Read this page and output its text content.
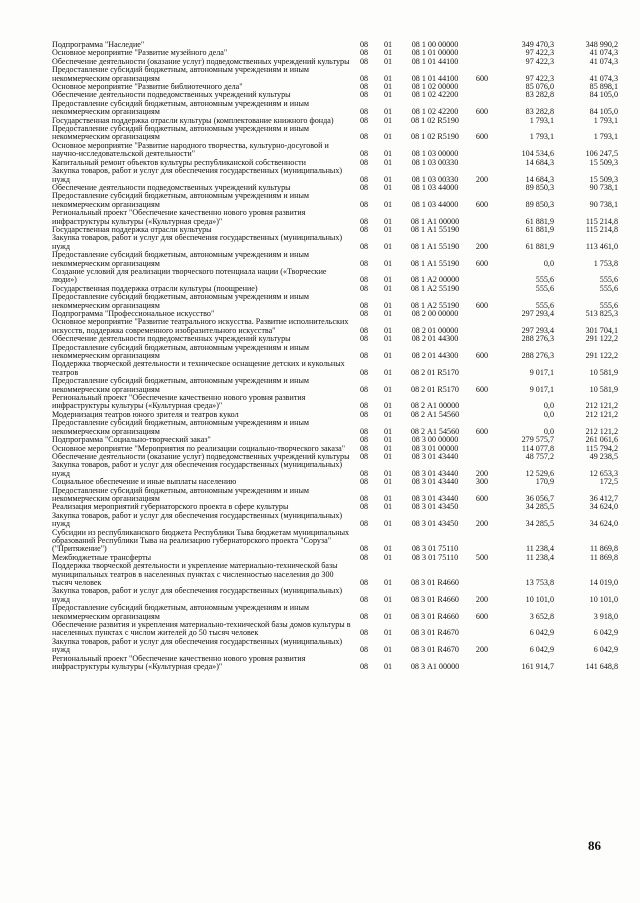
Подпрограмма "Наследие"	08	01	08 1 00 00000		349 470,3	348 990,2
Основное мероприятие "Развитие музейного дела"	08	01	08 1 01 00000		97 422,3	41 074,3
Обеспечение деятельности (оказание услуг) подведомственных учреждений культуры	08	01	08 1 01 44100		97 422,3	41 074,3
Предоставление субсидий бюджетным, автономным учреждениям и иным некоммерческим организациям	08	01	08 1 01 44100	600	97 422,3	41 074,3
Основное мероприятие "Развитие библиотечного дела"	08	01	08 1 02 00000		85 076,0	85 898,1
Обеспечение деятельности подведомственных учреждений культуры	08	01	08 1 02 42200		83 282,8	84 105,0
Предоставление субсидий бюджетным, автономным учреждениям и иным некоммерческим организациям	08	01	08 1 02 42200	600	83 282,8	84 105,0
Государственная поддержка отрасли культуры (комплектование книжного фонда)	08	01	08 1 02 R5190		1 793,1	1 793,1
Предоставление субсидий бюджетным, автономным учреждениям и иным некоммерческим организациям	08	01	08 1 02 R5190	600	1 793,1	1 793,1
Основное мероприятие "Развитие народного творчества, культурно-досуговой и научно-исследовательской деятельности"	08	01	08 1 03 00000		104 534,6	106 247,5
Капитальный ремонт объектов культуры республиканской собственности	08	01	08 1 03 00330		14 684,3	15 509,3
Закупка товаров, работ и услуг для обеспечения государственных (муниципальных) нужд	08	01	08 1 03 00330	200	14 684,3	15 509,3
Обеспечение деятельности подведомственных учреждений культуры	08	01	08 1 03 44000		89 850,3	90 738,1
Предоставление субсидий бюджетным, автономным учреждениям и иным некоммерческим организациям	08	01	08 1 03 44000	600	89 850,3	90 738,1
Региональный проект "Обеспечение качественно нового уровня развития инфраструктуры культуры («Культурная среда»)"	08	01	08 1 А1 00000		61 881,9	115 214,8
Государственная поддержка отрасли культуры	08	01	08 1 А1 55190		61 881,9	115 214,8
Закупка товаров, работ и услуг для обеспечения государственных (муниципальных) нужд	08	01	08 1 А1 55190	200	61 881,9	113 461,0
Предоставление субсидий бюджетным, автономным учреждениям и иным некоммерческим организациям	08	01	08 1 А1 55190	600	0,0	1 753,8
Создание условий для реализации творческого потенциала нации («Творческие люди»)	08	01	08 1 А2 00000		555,6	555,6
Государственная поддержка отрасли культуры (поощрение)	08	01	08 1 А2 55190		555,6	555,6
Предоставление субсидий бюджетным, автономным учреждениям и иным некоммерческим организациям	08	01	08 1 А2 55190	600	555,6	555,6
Подпрограмма "Профессиональное искусство"	08	01	08 2 00 00000		297 293,4	513 825,3
Основное мероприятие "Развитие театрального искусства. Развитие исполнительских искусств, поддержка современного изобразительного искусства"	08	01	08 2 01 00000		297 293,4	301 704,1
Обеспечение деятельности подведомственных учреждений культуры	08	01	08 2 01 44300		288 276,3	291 122,2
Предоставление субсидий бюджетным, автономным учреждениям и иным некоммерческим организациям	08	01	08 2 01 44300	600	288 276,3	291 122,2
Поддержка творческой деятельности и техническое оснащение детских и кукольных театров	08	01	08 2 01 R5170		9 017,1	10 581,9
Предоставление субсидий бюджетным, автономным учреждениям и иным некоммерческим организациям	08	01	08 2 01 R5170	600	9 017,1	10 581,9
Региональный проект "Обеспечение качественно нового уровня развития инфраструктуры культуры («Культурная среда»)"	08	01	08 2 А1 00000		0,0	212 121,2
Модернизация театров юного зрителя и театров кукол	08	01	08 2 А1 54560		0,0	212 121,2
Предоставление субсидий бюджетным, автономным учреждениям и иным некоммерческим организациям	08	01	08 2 А1 54560	600	0,0	212 121,2
Подпрограмма "Социально-творческий заказ"	08	01	08 3 00 00000		279 575,7	261 061,6
Основное мероприятие "Мероприятия по реализации социально-творческого заказа"	08	01	08 3 01 00000		114 077,8	115 794,2
Обеспечение деятельности (оказание услуг) подведомственных учреждений культуры	08	01	08 3 01 43440		48 757,2	49 238,5
Закупка товаров, работ и услуг для обеспечения государственных (муниципальных) нужд	08	01	08 3 01 43440	200	12 529,6	12 653,3
Социальное обеспечение и иные выплаты населению	08	01	08 3 01 43440	300	170,9	172,5
Предоставление субсидий бюджетным, автономным учреждениям и иным некоммерческим организациям	08	01	08 3 01 43440	600	36 056,7	36 412,7
Реализация мероприятий губернаторского проекта в сфере культуры	08	01	08 3 01 43450		34 285,5	34 624,0
Закупка товаров, работ и услуг для обеспечения государственных (муниципальных) нужд	08	01	08 3 01 43450	200	34 285,5	34 624,0
Субсидии из республиканского бюджета Республики Тыва бюджетам муниципальных образований Республики Тыва на реализацию губернаторского проекта "Соруза" ("Притяжение")	08	01	08 3 01 75110		11 238,4	11 869,8
Межбюджетные трансферты	08	01	08 3 01 75110	500	11 238,4	11 869,8
Поддержка творческой деятельности и укрепление материально-технической базы муниципальных театров в населенных пунктах с численностью населения до 300 тысяч человек	08	01	08 3 01 R4660		13 753,8	14 019,0
Закупка товаров, работ и услуг для обеспечения государственных (муниципальных) нужд	08	01	08 3 01 R4660	200	10 101,0	10 101,0
Предоставление субсидий бюджетным, автономным учреждениям и иным некоммерческим организациям	08	01	08 3 01 R4660	600	3 652,8	3 918,0
Обеспечение развития и укрепления материально-технической базы домов культуры в населенных пунктах с числом жителей до 50 тысяч человек	08	01	08 3 01 R4670		6 042,9	6 042,9
Закупка товаров, работ и услуг для обеспечения государственных (муниципальных) нужд	08	01	08 3 01 R4670	200	6 042,9	6 042,9
Региональный проект "Обеспечение качественно нового уровня развития инфраструктуры культуры («Культурная среда»)"	08	01	08 3 А1 00000		161 914,7	141 648,8
86
